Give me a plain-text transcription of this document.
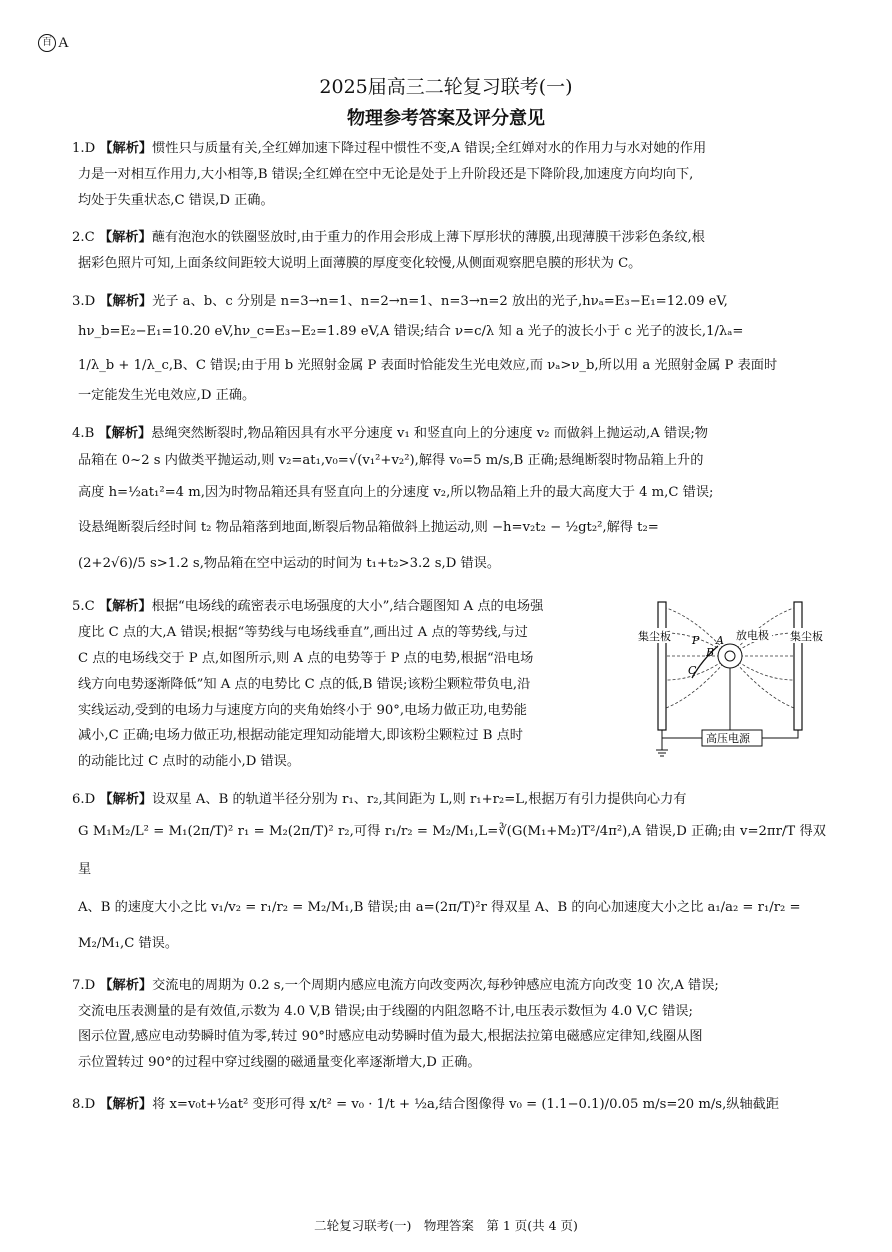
百 A
2025届高三二轮复习联考(一)
物理参考答案及评分意见

1.D 【解析】惯性只与质量有关,全红婵加速下降过程中惯性不变,A 错误;全红婵对水的作用力与水对她的作用

力是一对相互作用力,大小相等,B 错误;全红婵在空中无论是处于上升阶段还是下降阶段,加速度方向均向下,

均处于失重状态,C 错误,D 正确。

2.C 【解析】蘸有泡泡水的铁圈竖放时,由于重力的作用会形成上薄下厚形状的薄膜,出现薄膜干涉彩色条纹,根

据彩色照片可知,上面条纹间距较大说明上面薄膜的厚度变化较慢,从侧面观察肥皂膜的形状为 C。

3.D 【解析】光子 a、b、c 分别是 n=3→n=1、n=2→n=1、n=3→n=2 放出的光子,hνₐ=E₃−E₁=12.09 eV,

hν_b=E₂−E₁=10.20 eV,hν_c=E₃−E₂=1.89 eV,A 错误;结合 ν=c/λ 知 a 光子的波长小于 c 光子的波长,1/λₐ=

1/λ_b + 1/λ_c,B、C 错误;由于用 b 光照射金属 P 表面时恰能发生光电效应,而 νₐ>ν_b,所以用 a 光照射金属 P 表面时

一定能发生光电效应,D 正确。

4.B 【解析】悬绳突然断裂时,物品箱因具有水平分速度 v₁ 和竖直向上的分速度 v₂ 而做斜上抛运动,A 错误;物

品箱在 0~2 s 内做类平抛运动,则 v₂=at₁,v₀=√(v₁²+v₂²),解得 v₀=5 m/s,B 正确;悬绳断裂时物品箱上升的

高度 h=½at₁²=4 m,因为时物品箱还具有竖直向上的分速度 v₂,所以物品箱上升的最大高度大于 4 m,C 错误;

设悬绳断裂后经时间 t₂ 物品箱落到地面,断裂后物品箱做斜上抛运动,则 −h=v₂t₂ − ½gt₂²,解得 t₂=

(2+2√6)/5 s>1.2 s,物品箱在空中运动的时间为 t₁+t₂>3.2 s,D 错误。

5.C 【解析】根据“电场线的疏密表示电场强度的大小”,结合题图知 A 点的电场强

度比 C 点的大,A 错误;根据“等势线与电场线垂直”,画出过 A 点的等势线,与过

C 点的电场线交于 P 点,如图所示,则 A 点的电势等于 P 点的电势,根据“沿电场

线方向电势逐渐降低”知 A 点的电势比 C 点的低,B 错误;该粉尘颗粒带负电,沿

实线运动,受到的电场力与速度方向的夹角始终小于 90°,电场力做正功,电势能

减小,C 正确;电场力做正功,根据动能定理知动能增大,即该粉尘颗粒过 B 点时

的动能比过 C 点时的动能小,D 错误。

集尘板	集尘板
放电极
高压电源
P A
B
C

6.D 【解析】设双星 A、B 的轨道半径分别为 r₁、r₂,其间距为 L,则 r₁+r₂=L,根据万有引力提供向心力有

G M₁M₂/L² = M₁(2π/T)² r₁ = M₂(2π/T)² r₂,可得 r₁/r₂ = M₂/M₁,L=∛(G(M₁+M₂)T²/4π²),A 错误,D 正确;由 v=2πr/T 得双星

A、B 的速度大小之比 v₁/v₂ = r₁/r₂ = M₂/M₁,B 错误;由 a=(2π/T)²r 得双星 A、B 的向心加速度大小之比 a₁/a₂ = r₁/r₂ =

M₂/M₁,C 错误。

7.D 【解析】交流电的周期为 0.2 s,一个周期内感应电流方向改变两次,每秒钟感应电流方向改变 10 次,A 错误;

交流电压表测量的是有效值,示数为 4.0 V,B 错误;由于线圈的内阻忽略不计,电压表示数恒为 4.0 V,C 错误;

图示位置,感应电动势瞬时值为零,转过 90°时感应电动势瞬时值为最大,根据法拉第电磁感应定律知,线圈从图

示位置转过 90°的过程中穿过线圈的磁通量变化率逐渐增大,D 正确。

8.D 【解析】将 x=v₀t+½at² 变形可得 x/t² = v₀ · 1/t + ½a,结合图像得 v₀ = (1.1−0.1)/0.05 m/s=20 m/s,纵轴截距

二轮复习联考(一)　物理答案　第 1 页(共 4 页)
